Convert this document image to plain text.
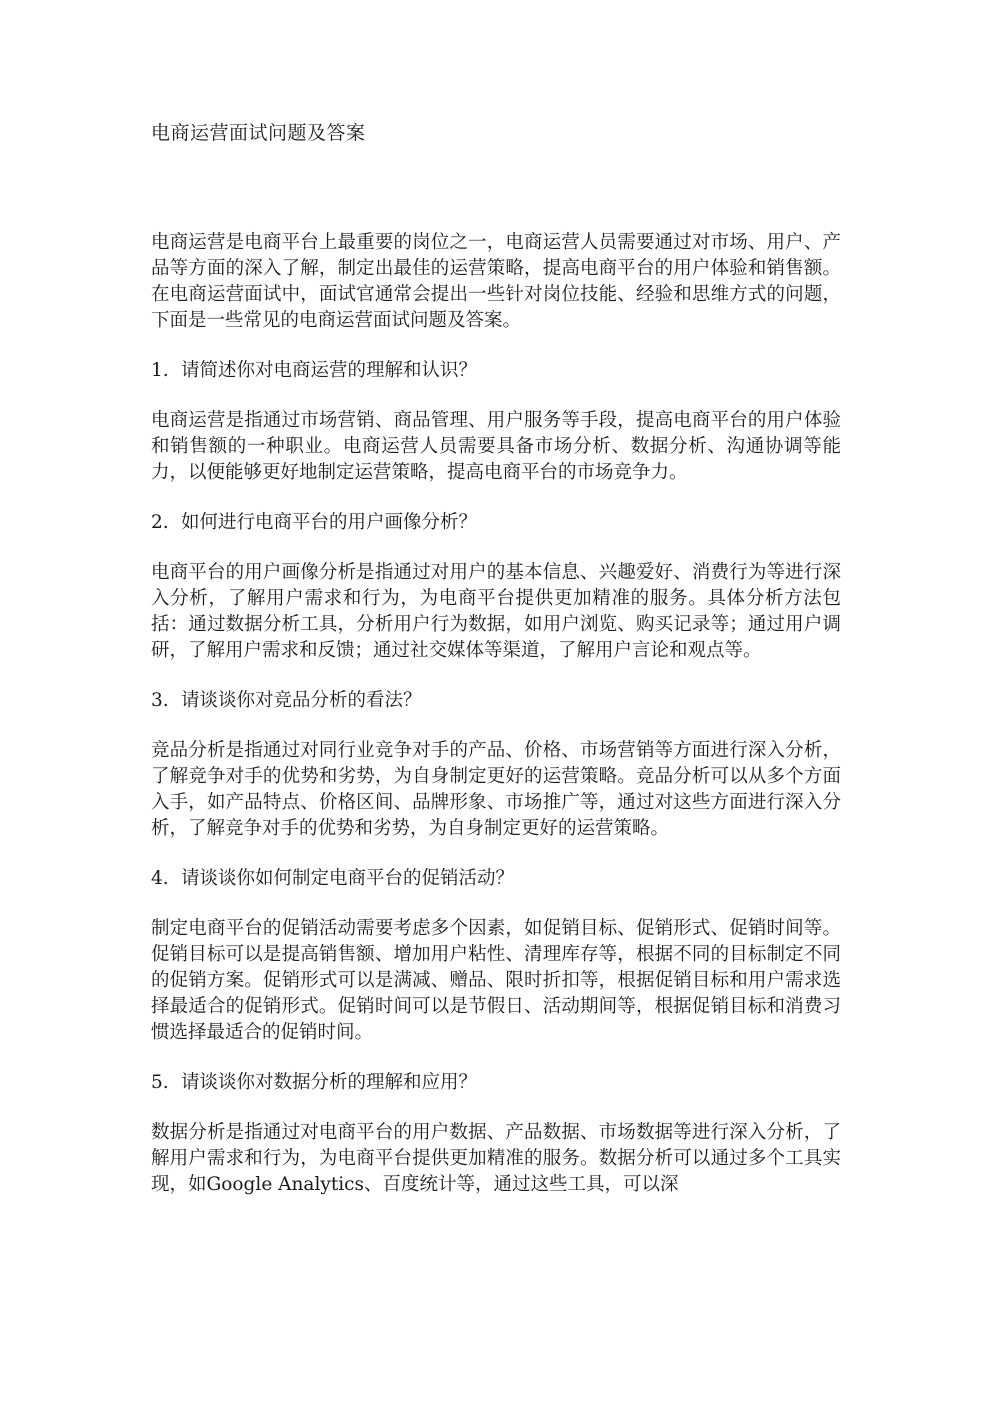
电商运营面试问题及答案

电商运营是电商平台上最重要的岗位之一，电商运营人员需要通过对市场、用户、产品等方面的深入了解，制定出最佳的运营策略，提高电商平台的用户体验和销售额。在电商运营面试中，面试官通常会提出一些针对岗位技能、经验和思维方式的问题，下面是一些常见的电商运营面试问题及答案。

1. 请简述你对电商运营的理解和认识？

电商运营是指通过市场营销、商品管理、用户服务等手段，提高电商平台的用户体验和销售额的一种职业。电商运营人员需要具备市场分析、数据分析、沟通协调等能力，以便能够更好地制定运营策略，提高电商平台的市场竞争力。

2. 如何进行电商平台的用户画像分析？

电商平台的用户画像分析是指通过对用户的基本信息、兴趣爱好、消费行为等进行深入分析，了解用户需求和行为，为电商平台提供更加精准的服务。具体分析方法包括：通过数据分析工具，分析用户行为数据，如用户浏览、购买记录等；通过用户调研，了解用户需求和反馈；通过社交媒体等渠道，了解用户言论和观点等。

3. 请谈谈你对竞品分析的看法？

竞品分析是指通过对同行业竞争对手的产品、价格、市场营销等方面进行深入分析，了解竞争对手的优势和劣势，为自身制定更好的运营策略。竞品分析可以从多个方面入手，如产品特点、价格区间、品牌形象、市场推广等，通过对这些方面进行深入分析，了解竞争对手的优势和劣势，为自身制定更好的运营策略。

4. 请谈谈你如何制定电商平台的促销活动？

制定电商平台的促销活动需要考虑多个因素，如促销目标、促销形式、促销时间等。促销目标可以是提高销售额、增加用户粘性、清理库存等，根据不同的目标制定不同的促销方案。促销形式可以是满减、赠品、限时折扣等，根据促销目标和用户需求选择最适合的促销形式。促销时间可以是节假日、活动期间等，根据促销目标和消费习惯选择最适合的促销时间。

5. 请谈谈你对数据分析的理解和应用？

数据分析是指通过对电商平台的用户数据、产品数据、市场数据等进行深入分析，了解用户需求和行为，为电商平台提供更加精准的服务。数据分析可以通过多个工具实现，如Google Analytics、百度统计等，通过这些工具，可以深
